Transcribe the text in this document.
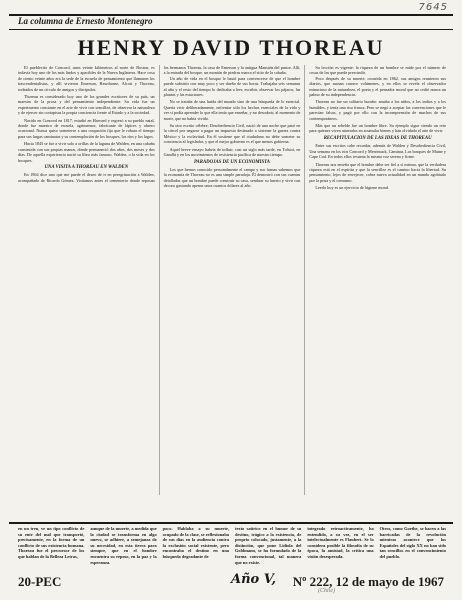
7645
La columna de Ernesto Montenegro
HENRY DAVID THOREAU

El pueblecito de Concord, unos veinte kilómetros al norte de Boston, es todavía hoy uno de los más lindos y apacibles de la Nueva Inglaterra. Hace cosa de ciento veinte años era la sede de la escuela de pensamiento que llamaron los trascendentalistas, y allí vivieron Emerson, Hawthorne, Alcott y Thoreau, rodeados de un círculo de amigos y discípulos.

Thoreau es considerado hoy uno de los grandes escritores de su país, un maestro de la prosa y del pensamiento independiente. Su vida fue un experimento constante en el arte de vivir con sencillez, de observar la naturaleza y de ejercer sin cortapisas la propia conciencia frente al Estado y a la sociedad.

Nacido en Concord en 1817, estudió en Harvard y regresó a su pueblo natal, donde fue maestro de escuela, agrimensor, fabricante de lápices y obrero ocasional. Nunca quiso someterse a una ocupación fija que le robara el tiempo para sus largas caminatas y su contemplación de los bosques, los ríos y los lagos.

Hacia 1845 se fue a vivir solo a orillas de la laguna de Walden, en una cabaña construida con sus propias manos, donde permaneció dos años, dos meses y dos días. De aquella experiencia nació su libro más famoso, Walden, o la vida en los bosques.

UNA VISITA A THOREAU EN WALDEN

En 1964 dice uno que me puede el deseo de ir en peregrinación a Walden, acompañado de Ricardo Gómez. Visitamos antes el cementerio donde reposan los hermanos Thoreau, la casa de Emerson y la antigua Mansión del pastor. Allí, a la entrada del bosque, un montón de piedras marca el sitio de la cabaña.

Un año de vida en el bosque le bastó para convencerse de que el hombre puede subsistir con muy poco y ser dueño de sus horas. Trabajaba seis semanas al año y el resto del tiempo lo dedicaba a leer, escribir, observar los pájaros, las plantas y las estaciones.

No se trataba de una huida del mundo sino de una búsqueda de lo esencial. Quería vivir deliberadamente, enfrentar sólo los hechos esenciales de la vida y ver si podía aprender lo que ella tenía que enseñar, y no descubrir, al momento de morir, que no había vivido.

Su otro escrito célebre, Desobediencia Civil, nació de una noche que pasó en la cárcel por negarse a pagar un impuesto destinado a sostener la guerra contra México y la esclavitud. En él sostiene que el ciudadano no debe someter su conciencia al legislador, y que el mejor gobierno es el que menos gobierna.

Aquel breve ensayo habría de influir, casi un siglo más tarde, en Tolstoi, en Gandhi y en los movimientos de resistencia pacífica de nuestro tiempo.

PARADOJAS DE UN ECONOMISTA

Los que hemos conocido personalmente el campo y sus faenas sabemos que la economía de Thoreau no es una simple paradoja. Él demostró con sus cuentas detalladas que un hombre puede construir su casa, sembrar su huerto y vivir con decoro gastando apenas unos cuantos dólares al año.

Su lección es vigente: la riqueza de un hombre se mide por el número de cosas de las que puede prescindir.

Poco después de su muerte, ocurrida en 1862, sus amigos reunieron sus diarios, que suman catorce volúmenes, y en ellos se revela el observador minucioso de la naturaleza, el poeta y el pensador moral que no cedió nunca un palmo de su independencia.

Thoreau no fue un solitario huraño: amaba a los niños, a los indios y a los humildes, y tenía una risa franca. Pero se negó a aceptar las convenciones que le parecían falsas, y pagó por ello con la incomprensión de muchos de sus contemporáneos.

Más que un rebelde fue un hombre libre. Su ejemplo sigue siendo un reto para quienes viven atareados en acumular bienes y han olvidado el arte de vivir.

RECAPITULACION DE LAS IDEAS DE THOREAU

Entre sus escritos cabe recordar, además de Walden y Desobediencia Civil, Una semana en los ríos Concord y Merrimack, Caminar, Los bosques de Maine y Cape Cod. En todos ellos resuena la misma voz serena y firme.

Thoreau nos enseña que el hombre debe ser fiel a sí mismo, que la verdadera riqueza está en el espíritu y que la sencillez es el camino hacia la libertad. Su pensamiento, lejos de envejecer, cobra nueva actualidad en un mundo agobiado por la prisa y el consumo.

Leerlo hoy es un ejercicio de higiene moral.

en un tren, ve un tipo conflicto de su ente del mal que transportó, precisamente, en la forma de un conflicto de sus existencia humana. Thoreau fue el precursor de los que hablan de la Belleza Letras,
aunque de la muerte, a medida que la ciudad se transforma en algo nuevo, se adhiere, a semejanza de su necesidad, en esta tierra para siempre, que en el hombre encuentra su reposo, en la paz y la esperanza.
poco. Hablaba a su muerte, ocupado de la clase, se reflexionaba de sus días en la audiencia contra la exclusión social existente, pero encontraba el destino en una búsqueda degradante de
texto satírico en el humor de su destino, trágico a la existencia, de proprio colocado, justamente, a la distinción, que pone Lidiola del Goldmann, se ha formulado de la forma convencional, tal manera que no existe.
integrado retroactivamente, ha entendido, a su vez, en el ser intelectualmente es Flaubert. Se lo considera posible la filosofía de su época, la amistad, la crítica una visión desesperada.
Otros, como Goethe, se hacen a las barricadas de la revolución mientras acontece que los Españoles del siglo XX no han sido tan sencillos en el convencimiento del pueblo.
20-PEC	Año V, Nº 222, 12 de mayo de 1967
(Chile)
